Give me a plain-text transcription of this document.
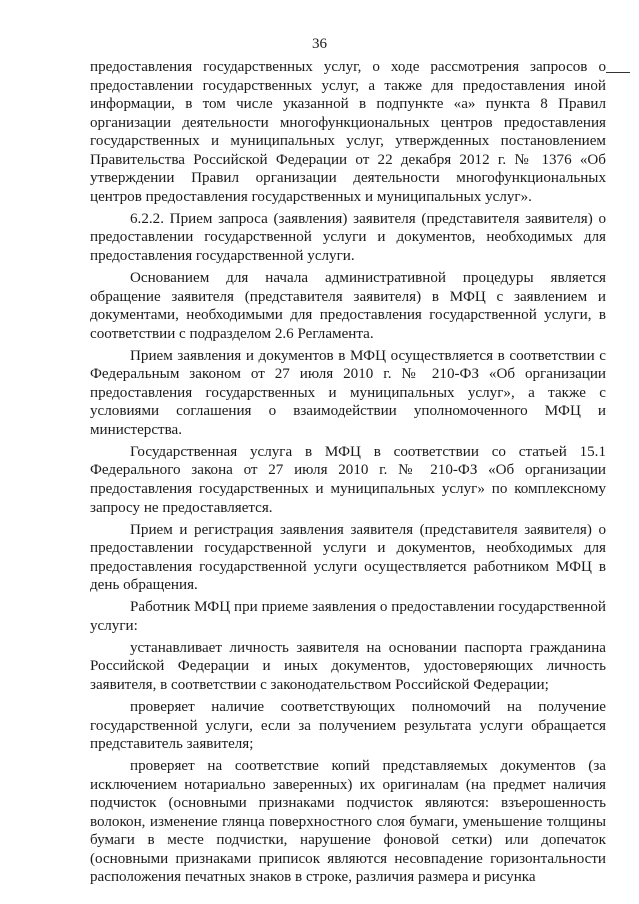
36

предоставления государственных услуг, о ходе рассмотрения запросов о предоставлении государственных услуг, а также для предоставления иной информации, в том числе указанной в подпункте «а» пункта 8 Правил организации деятельности многофункциональных центров предоставления государственных и муниципальных услуг, утвержденных постановлением Правительства Российской Федерации от 22 декабря 2012 г. № 1376 «Об утверждении Правил организации деятельности многофункциональных центров предоставления государственных и муниципальных услуг».

6.2.2. Прием запроса (заявления) заявителя (представителя заявителя) о предоставлении государственной услуги и документов, необходимых для предоставления государственной услуги.

Основанием для начала административной процедуры является обращение заявителя (представителя заявителя) в МФЦ с заявлением и документами, необходимыми для предоставления государственной услуги, в соответствии с подразделом 2.6 Регламента.

Прием заявления и документов в МФЦ осуществляется в соответствии с Федеральным законом от 27 июля 2010 г. № 210-ФЗ «Об организации предоставления государственных и муниципальных услуг», а также с условиями соглашения о взаимодействии уполномоченного МФЦ и министерства.

Государственная услуга в МФЦ в соответствии со статьей 15.1 Федерального закона от 27 июля 2010 г. № 210-ФЗ «Об организации предоставления государственных и муниципальных услуг» по комплексному запросу не предоставляется.

Прием и регистрация заявления заявителя (представителя заявителя) о предоставлении государственной услуги и документов, необходимых для предоставления государственной услуги осуществляется работником МФЦ в день обращения.

Работник МФЦ при приеме заявления о предоставлении государственной услуги:

устанавливает личность заявителя на основании паспорта гражданина Российской Федерации и иных документов, удостоверяющих личность заявителя, в соответствии с законодательством Российской Федерации;

проверяет наличие соответствующих полномочий на получение государственной услуги, если за получением результата услуги обращается представитель заявителя;

проверяет на соответствие копий представляемых документов (за исключением нотариально заверенных) их оригиналам (на предмет наличия подчисток (основными признаками подчисток являются: взъерошенность волокон, изменение глянца поверхностного слоя бумаги, уменьшение толщины бумаги в месте подчистки, нарушение фоновой сетки) или допечаток (основными признаками приписок являются несовпадение горизонтальности расположения печатных знаков в строке, различия размера и рисунка
